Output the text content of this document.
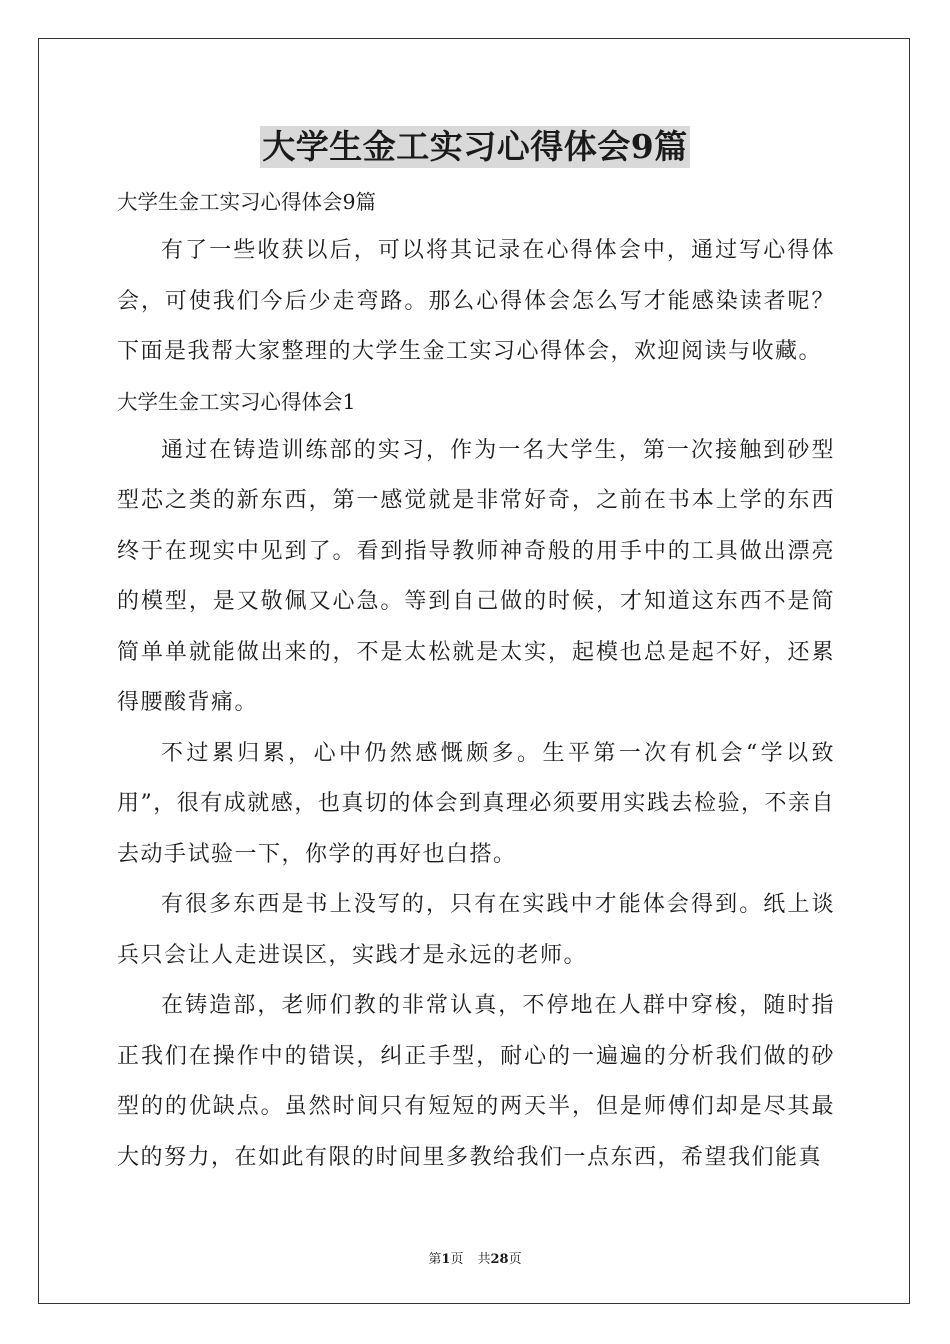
大学生金工实习心得体会9篇

大学生金工实习心得体会9篇

有了一些收获以后，可以将其记录在心得体会中，通过写心得体会，可使我们今后少走弯路。那么心得体会怎么写才能感染读者呢？下面是我帮大家整理的大学生金工实习心得体会，欢迎阅读与收藏。

大学生金工实习心得体会1

通过在铸造训练部的实习，作为一名大学生，第一次接触到砂型型芯之类的新东西，第一感觉就是非常好奇，之前在书本上学的东西终于在现实中见到了。看到指导教师神奇般的用手中的工具做出漂亮的模型，是又敬佩又心急。等到自己做的时候，才知道这东西不是简简单单就能做出来的，不是太松就是太实，起模也总是起不好，还累得腰酸背痛。

不过累归累，心中仍然感慨颇多。生平第一次有机会“学以致用”，很有成就感，也真切的体会到真理必须要用实践去检验，不亲自去动手试验一下，你学的再好也白搭。

有很多东西是书上没写的，只有在实践中才能体会得到。纸上谈兵只会让人走进误区，实践才是永远的老师。

在铸造部，老师们教的非常认真，不停地在人群中穿梭，随时指正我们在操作中的错误，纠正手型，耐心的一遍遍的分析我们做的砂型的的优缺点。虽然时间只有短短的两天半，但是师傅们却是尽其最大的努力，在如此有限的时间里多教给我们一点东西，希望我们能真

第1页 共28页
